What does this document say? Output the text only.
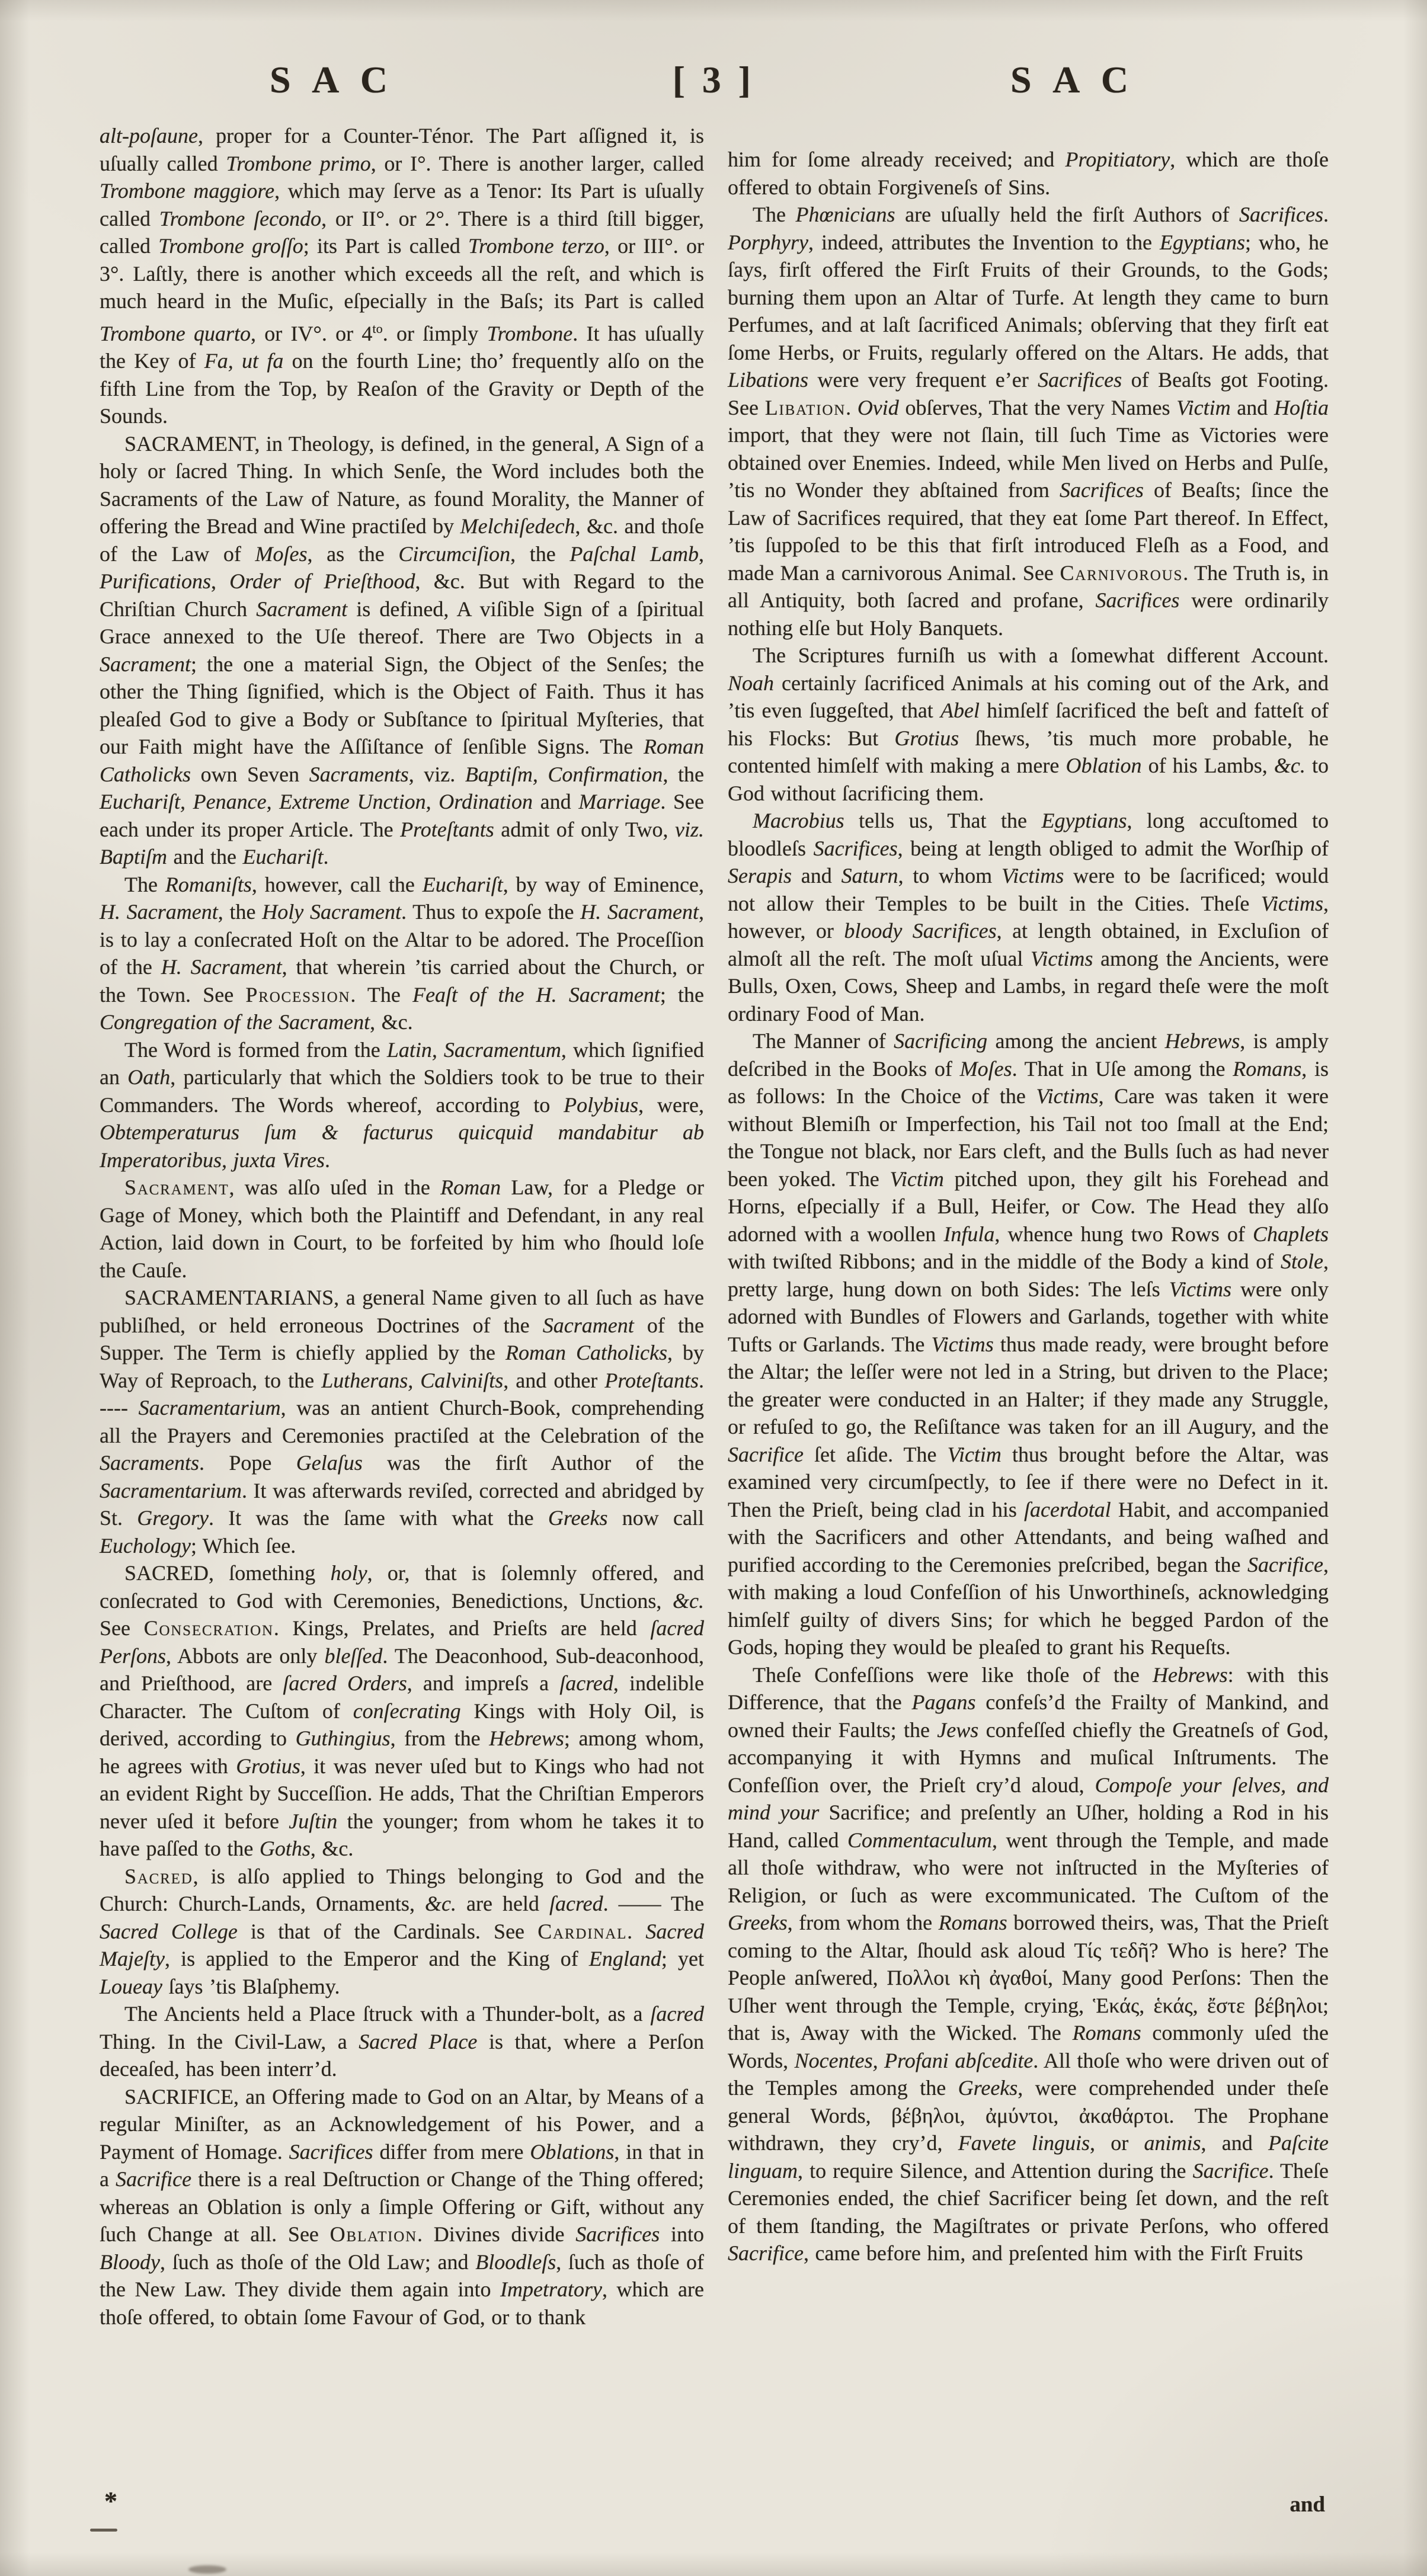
S A C	[ 3 ]	S A C

alt-poſaune, proper for a Counter-Ténor. The Part aſſigned it, is uſually called Trombone primo, or I°. There is another larger, called Trombone maggiore, which may ſerve as a Tenor: Its Part is uſually called Trombone ſecondo, or II°. or 2°. There is a third ſtill bigger, called Trombone groſſo; its Part is called Trombone terzo, or III°. or 3°. Laſtly, there is another which exceeds all the reſt, and which is much heard in the Muſic, eſpecially in the Baſs; its Part is called Trombone quarto, or IV°. or $4^{to}$. or ſimply Trombone. It has uſually the Key of Fa, ut fa on the fourth Line; tho’ frequently alſo on the fifth Line from the Top, by Reaſon of the Gravity or Depth of the Sounds.

SACRAMENT, in Theology, is defined, in the general, A Sign of a holy or ſacred Thing. In which Senſe, the Word includes both the Sacraments of the Law of Nature, as found Morality, the Manner of offering the Bread and Wine practiſed by Melchiſedech, &c. and thoſe of the Law of Moſes, as the Circumciſion, the Paſchal Lamb, Purifications, Order of Prieſthood, &c. But with Regard to the Chriſtian Church Sacrament is defined, A viſible Sign of a ſpiritual Grace annexed to the Uſe thereof. There are Two Objects in a Sacrament; the one a material Sign, the Object of the Senſes; the other the Thing ſignified, which is the Object of Faith. Thus it has pleaſed God to give a Body or Subſtance to ſpiritual Myſteries, that our Faith might have the Aſſiſtance of ſenſible Signs. The Roman Catholicks own Seven Sacraments, viz. Baptiſm, Confirmation, the Euchariſt, Penance, Extreme Unction, Ordination and Marriage. See each under its proper Article. The Proteſtants admit of only Two, viz. Baptiſm and the Euchariſt.

The Romaniſts, however, call the Euchariſt, by way of Eminence, H. Sacrament, the Holy Sacrament. Thus to expoſe the H. Sacrament, is to lay a conſecrated Hoſt on the Altar to be adored. The Proceſſion of the H. Sacrament, that wherein ’tis carried about the Church, or the Town. See Procession. The Feaſt of the H. Sacrament; the Congregation of the Sacrament, &c.

The Word is formed from the Latin, Sacramentum, which ſignified an Oath, particularly that which the Soldiers took to be true to their Commanders. The Words whereof, according to Polybius, were, Obtemperaturus ſum & facturus quicquid mandabitur ab Imperatoribus, juxta Vires.

Sacrament, was alſo uſed in the Roman Law, for a Pledge or Gage of Money, which both the Plaintiff and Defendant, in any real Action, laid down in Court, to be forfeited by him who ſhould loſe the Cauſe.

SACRAMENTARIANS, a general Name given to all ſuch as have publiſhed, or held erroneous Doctrines of the Sacrament of the Supper. The Term is chiefly applied by the Roman Catholicks, by Way of Reproach, to the Lutherans, Calviniſts, and other Proteſtants. ---- Sacramentarium, was an antient Church-Book, comprehending all the Prayers and Ceremonies practiſed at the Celebration of the Sacraments. Pope Gelaſus was the firſt Author of the Sacramentarium. It was afterwards reviſed, corrected and abridged by St. Gregory. It was the ſame with what the Greeks now call Euchology; Which ſee.

SACRED, ſomething holy, or, that is ſolemnly offered, and conſecrated to God with Ceremonies, Benedictions, Unctions, &c. See Consecration. Kings, Prelates, and Prieſts are held ſacred Perſons, Abbots are only bleſſed. The Deaconhood, Sub-deaconhood, and Prieſthood, are ſacred Orders, and impreſs a ſacred, indelible Character. The Cuſtom of conſecrating Kings with Holy Oil, is derived, according to Guthingius, from the Hebrews; among whom, he agrees with Grotius, it was never uſed but to Kings who had not an evident Right by Succeſſion. He adds, That the Chriſtian Emperors never uſed it before Juſtin the younger; from whom he takes it to have paſſed to the Goths, &c.

Sacred, is alſo applied to Things belonging to God and the Church: Church-Lands, Ornaments, &c. are held ſacred. —— The Sacred College is that of the Cardinals. See Cardinal. Sacred Majeſty, is applied to the Emperor and the King of England; yet Loueay ſays ’tis Blaſphemy.

The Ancients held a Place ſtruck with a Thunder-bolt, as a ſacred Thing. In the Civil-Law, a Sacred Place is that, where a Perſon deceaſed, has been interr’d.

SACRIFICE, an Offering made to God on an Altar, by Means of a regular Miniſter, as an Acknowledgement of his Power, and a Payment of Homage. Sacrifices differ from mere Oblations, in that in a Sacrifice there is a real Deſtruction or Change of the Thing offered; whereas an Oblation is only a ſimple Offering or Gift, without any ſuch Change at all. See Oblation. Divines divide Sacrifices into Bloody, ſuch as thoſe of the Old Law; and Bloodleſs, ſuch as thoſe of the New Law. They divide them again into Impetratory, which are thoſe offered, to obtain ſome Favour of God, or to thank

him for ſome already received; and Propitiatory, which are thoſe offered to obtain Forgiveneſs of Sins.

The Phœnicians are uſually held the firſt Authors of Sacrifices. Porphyry, indeed, attributes the Invention to the Egyptians; who, he ſays, firſt offered the Firſt Fruits of their Grounds, to the Gods; burning them upon an Altar of Turfe. At length they came to burn Perfumes, and at laſt ſacrificed Animals; obſerving that they firſt eat ſome Herbs, or Fruits, regularly offered on the Altars. He adds, that Libations were very frequent e’er Sacrifices of Beaſts got Footing. See Libation. Ovid obſerves, That the very Names Victim and Hoſtia import, that they were not ſlain, till ſuch Time as Victories were obtained over Enemies. Indeed, while Men lived on Herbs and Pulſe, ’tis no Wonder they abſtained from Sacrifices of Beaſts; ſince the Law of Sacrifices required, that they eat ſome Part thereof. In Effect, ’tis ſuppoſed to be this that firſt introduced Fleſh as a Food, and made Man a carnivorous Animal. See Carnivorous. The Truth is, in all Antiquity, both ſacred and profane, Sacrifices were ordinarily nothing elſe but Holy Banquets.

The Scriptures furniſh us with a ſomewhat different Account. Noah certainly ſacrificed Animals at his coming out of the Ark, and ’tis even ſuggeſted, that Abel himſelf ſacrificed the beſt and fatteſt of his Flocks: But Grotius ſhews, ’tis much more probable, he contented himſelf with making a mere Oblation of his Lambs, &c. to God without ſacrificing them.

Macrobius tells us, That the Egyptians, long accuſtomed to bloodleſs Sacrifices, being at length obliged to admit the Worſhip of Serapis and Saturn, to whom Victims were to be ſacrificed; would not allow their Temples to be built in the Cities. Theſe Victims, however, or bloody Sacrifices, at length obtained, in Excluſion of almoſt all the reſt. The moſt uſual Victims among the Ancients, were Bulls, Oxen, Cows, Sheep and Lambs, in regard theſe were the moſt ordinary Food of Man.

The Manner of Sacrificing among the ancient Hebrews, is amply deſcribed in the Books of Moſes. That in Uſe among the Romans, is as follows: In the Choice of the Victims, Care was taken it were without Blemiſh or Imperfection, his Tail not too ſmall at the End; the Tongue not black, nor Ears cleft, and the Bulls ſuch as had never been yoked. The Victim pitched upon, they gilt his Forehead and Horns, eſpecially if a Bull, Heifer, or Cow. The Head they alſo adorned with a woollen Infula, whence hung two Rows of Chaplets with twiſted Ribbons; and in the middle of the Body a kind of Stole, pretty large, hung down on both Sides: The leſs Victims were only adorned with Bundles of Flowers and Garlands, together with white Tufts or Garlands. The Victims thus made ready, were brought before the Altar; the leſſer were not led in a String, but driven to the Place; the greater were conducted in an Halter; if they made any Struggle, or refuſed to go, the Reſiſtance was taken for an ill Augury, and the Sacrifice ſet aſide. The Victim thus brought before the Altar, was examined very circumſpectly, to ſee if there were no Defect in it. Then the Prieſt, being clad in his ſacerdotal Habit, and accompanied with the Sacrificers and other Attendants, and being waſhed and purified according to the Ceremonies preſcribed, began the Sacrifice, with making a loud Confeſſion of his Unworthineſs, acknowledging himſelf guilty of divers Sins; for which he begged Pardon of the Gods, hoping they would be pleaſed to grant his Requeſts.

Theſe Confeſſions were like thoſe of the Hebrews: with this Difference, that the Pagans confeſs’d the Frailty of Mankind, and owned their Faults; the Jews confeſſed chiefly the Greatneſs of God, accompanying it with Hymns and muſical Inſtruments. The Confeſſion over, the Prieſt cry’d aloud, Compoſe your ſelves, and mind your Sacrifice; and preſently an Uſher, holding a Rod in his Hand, called Commentaculum, went through the Temple, and made all thoſe withdraw, who were not inſtructed in the Myſteries of Religion, or ſuch as were excommunicated. The Cuſtom of the Greeks, from whom the Romans borrowed theirs, was, That the Prieſt coming to the Altar, ſhould ask aloud Τίς τεδῆ? Who is here? The People anſwered, Πολλοι κὴ ἀγαθοί, Many good Perſons: Then the Uſher went through the Temple, crying, Ἑκάς, ἑκάς, ἔστε βέβηλοι; that is, Away with the Wicked. The Romans commonly uſed the Words, Nocentes, Profani abſcedite. All thoſe who were driven out of the Temples among the Greeks, were comprehended under theſe general Words, βέβηλοι, ἀμύντοι, ἀκαθάρτοι. The Prophane withdrawn, they cry’d, Favete linguis, or animis, and Paſcite linguam, to require Silence, and Attention during the Sacrifice. Theſe Ceremonies ended, the chief Sacrificer being ſet down, and the reſt of them ſtanding, the Magiſtrates or private Perſons, who offered Sacrifice, came before him, and preſented him with the Firſt Fruits

*	and
